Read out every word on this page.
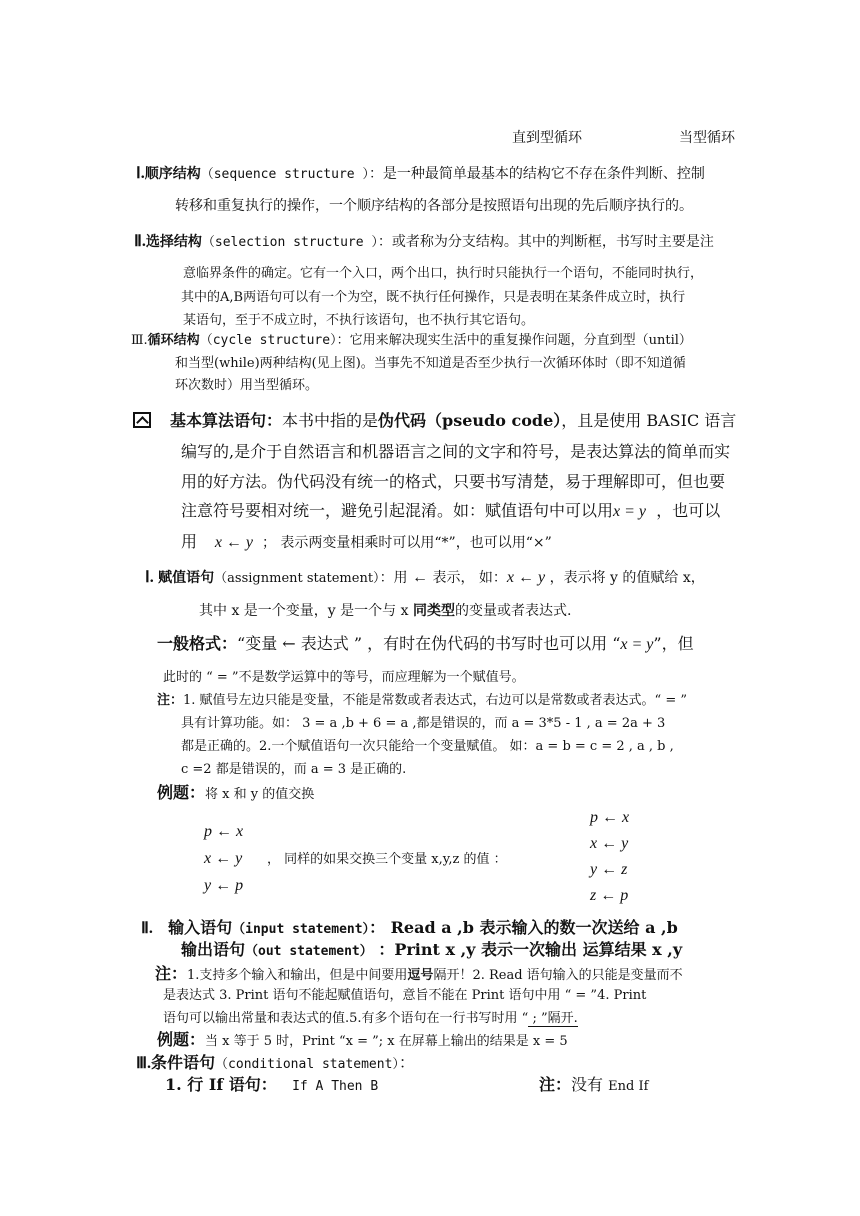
直到型循环	当型循环
Ⅰ.顺序结构（sequence structure ）：是一种最简单最基本的结构它不存在条件判断、控制
转移和重复执行的操作，一个顺序结构的各部分是按照语句出现的先后顺序执行的。
Ⅱ.选择结构（selection structure ）：或者称为分支结构。其中的判断框，书写时主要是注
意临界条件的确定。它有一个入口，两个出口，执行时只能执行一个语句，不能同时执行，
其中的A,B两语句可以有一个为空，既不执行任何操作，只是表明在某条件成立时，执行
某语句，至于不成立时，不执行该语句，也不执行其它语句。
Ⅲ.循环结构（cycle structure）：它用来解决现实生活中的重复操作问题，分直到型（until）
和当型(while)两种结构(见上图)。当事先不知道是否至少执行一次循环体时（即不知道循
环次数时）用当型循环。
基本算法语句：本书中指的是伪代码（pseudo code），且是使用 BASIC 语言
编写的,是介于自然语言和机器语言之间的文字和符号，是表达算法的简单而实
用的好方法。伪代码没有统一的格式，只要书写清楚，易于理解即可，但也要
注意符号要相对统一，避免引起混淆。如：赋值语句中可以用x = y ，也可以
用 x ← y ； 表示两变量相乘时可以用“*”，也可以用“×”
Ⅰ. 赋值语句（assignment statement）：用 ← 表示， 如：x ← y ，表示将 y 的值赋给 x，
其中 x 是一个变量，y 是一个与 x 同类型的变量或者表达式.
一般格式：“变量 ← 表达式 ” ，有时在伪代码的书写时也可以用 “x = y”，但
此时的 “ = ”不是数学运算中的等号，而应理解为一个赋值号。
注：1. 赋值号左边只能是变量，不能是常数或者表达式，右边可以是常数或者表达式。“ = ”
具有计算功能。如： 3 = a ,b + 6 = a ,都是错误的，而 a = 3*5 - 1 , a = 2a + 3
都是正确的。2.一个赋值语句一次只能给一个变量赋值。 如：a = b = c = 2 , a , b ,
c =2 都是错误的，而 a = 3 是正确的.
例题：将 x 和 y 的值交换
p ← x
x ← y
y ← p
， 同样的如果交换三个变量 x,y,z 的值 ：
p ← x
x ← y
y ← z
z ← p
Ⅱ. 输入语句（input statement）： Read a ,b 表示输入的数一次送给 a ,b
输出语句（out statement） ：Print x ,y 表示一次输出 运算结果 x ,y
注：1.支持多个输入和输出，但是中间要用逗号隔开！2. Read 语句输入的只能是变量而不
是表达式 3. Print 语句不能起赋值语句，意旨不能在 Print 语句中用 “ = ”4. Print
语句可以输出常量和表达式的值.5.有多个语句在一行书写时用 “ ; ”隔开.
例题：当 x 等于 5 时，Print “x = ”; x 在屏幕上输出的结果是 x = 5
Ⅲ.条件语句（conditional statement）：
1. 行 If 语句： If A Then B	注：没有 End If
